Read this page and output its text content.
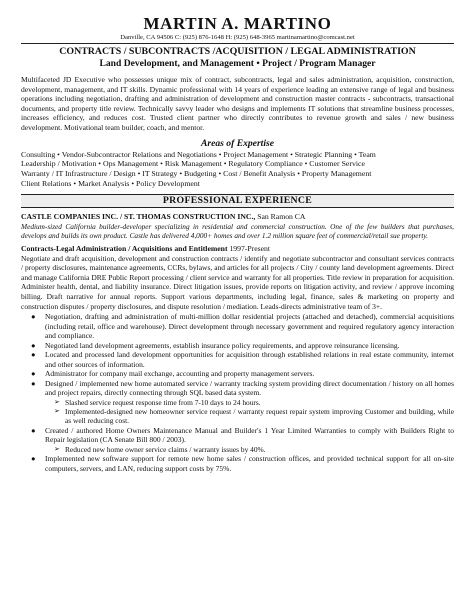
MARTIN A. MARTINO
Danville, CA 94506 C: (925) 876-1648 H: (925) 648-3965 martinamartino@comcast.net
CONTRACTS / SUBCONTRACTS /ACQUISITION / LEGAL ADMINISTRATION
Land Development, and Management • Project / Program Manager
Multifaceted JD Executive who possesses unique mix of contract, subcontracts, legal and sales administration, acquisition, construction, development, management, and IT skills. Dynamic professional with 14 years of experience leading an extensive range of legal and business operations including negotiation, drafting and administration of development and construction master contracts - subcontracts, transactional documents, and property title review. Technically savvy leader who designs and implements IT solutions that streamline business processes, increases efficiency, and reduces cost. Trusted client partner who directly contributes to revenue growth and sales / new business development. Motivational team builder, coach, and mentor.
Areas of Expertise
Consulting • Vendor-Subcontractor Relations and Negotiations • Project Management • Strategic Planning • Team
Leadership / Motivation • Ops Management • Risk Management • Regulatory Compliance • Customer Service
Warranty / IT Infrastructure / Design • IT Strategy • Budgeting • Cost / Benefit Analysis • Property Management
Client Relations • Market Analysis • Policy Development
PROFESSIONAL EXPERIENCE
CASTLE COMPANIES INC. / ST. THOMAS CONSTRUCTION INC., San Ramon CA
Medium-sized California builder-developer specializing in residential and commercial construction. One of the few builders that purchases, develops and builds its own product. Castle has delivered 4,000+ homes and over 1.2 million square feet of commercial/retail sue property.
Contracts-Legal Administration / Acquisitions and Entitlement 1997-Present
Negotiate and draft acquisition, development and construction contracts / identify and negotiate subcontractor and consultant services contracts / property disclosures, maintenance agreements, CCRs, bylaws, and articles for all projects / City / county land development agreements. Direct and manage California DRE Public Report processing / client service and warranty for all properties. Title review in preparation for acquisition. Administer health, dental, and liability insurance. Direct litigation issues, provide reports on litigation activity, and review / approve incoming billing. Draft narrative for annual reports. Support various departments, including legal, finance, sales & marketing on property and construction disputes / property disclosures, and dispute resolution / mediation. Leads-directs administrative team of 3+.
● Negotiation, drafting and administration of multi-million dollar residential projects (attached and detached), commercial acquisitions (including retail, office and warehouse). Direct development through necessary government and required regulatory agency interaction and compliance.
● Negotiated land development agreements, establish insurance policy requirements, and approve reinsurance licensing.
● Located and processed land development opportunities for acquisition through established relations in real estate community, internet and other sources of information.
● Administrator for company mail exchange, accounting and property management servers.
● Designed / implemented new home automated service / warranty tracking system providing direct documentation / history on all homes and project repairs, directly connecting through SQL based data system.
➢ Slashed service request response time from 7-10 days to 24 hours.
➢ Implemented-designed new homeowner service request / warranty request repair system improving Customer and building, while as well reducing cost.
● Created / authored Home Owners Maintenance Manual and Builder's 1 Year Limited Warranties to comply with Builders Right to Repair legislation (CA Senate Bill 800 / 2003).
➢ Reduced new home owner service claims / warranty issues by 40%.
● Implemented new software support for remote new home sales / construction offices, and provided technical support for all on-site computers, servers, and LAN, reducing support costs by 75%.
